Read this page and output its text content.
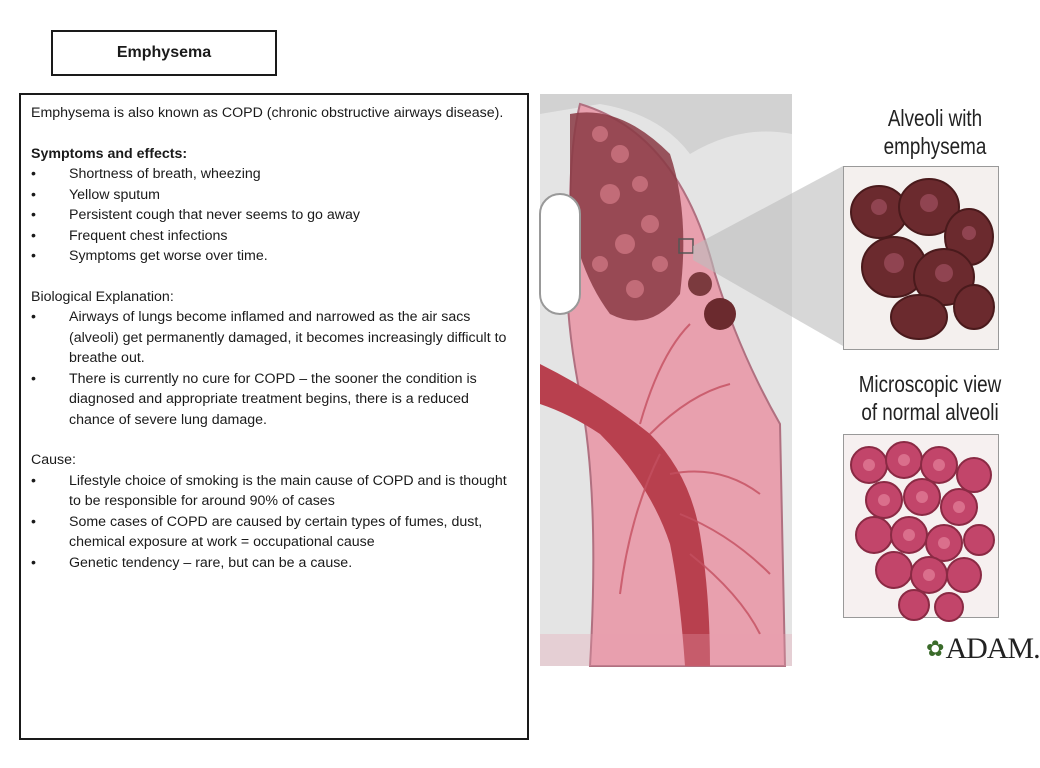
Emphysema

Emphysema is also known as COPD (chronic obstructive airways disease).

Symptoms and effects:

•	Shortness of breath, wheezing
•	Yellow sputum
•	Persistent cough that never seems to go away
•	Frequent chest infections
•	Symptoms get worse over time.

Biological Explanation:

•	Airways of lungs become inflamed and narrowed as the air sacs (alveoli) get permanently damaged, it becomes increasingly difficult to breathe out.
•	There is currently no cure for COPD – the sooner the condition is diagnosed and appropriate treatment begins, there is a reduced chance of severe lung damage.

Cause:

•	Lifestyle choice of smoking is the main cause of COPD and is thought to be responsible for around 90% of cases
•	Some cases of COPD are caused by certain types of fumes, dust, chemical exposure at work = occupational cause
•	Genetic tendency – rare, but can be a cause.
Alveoli with
emphysema
Microscopic view
of normal alveoli
✿ ADAM.
